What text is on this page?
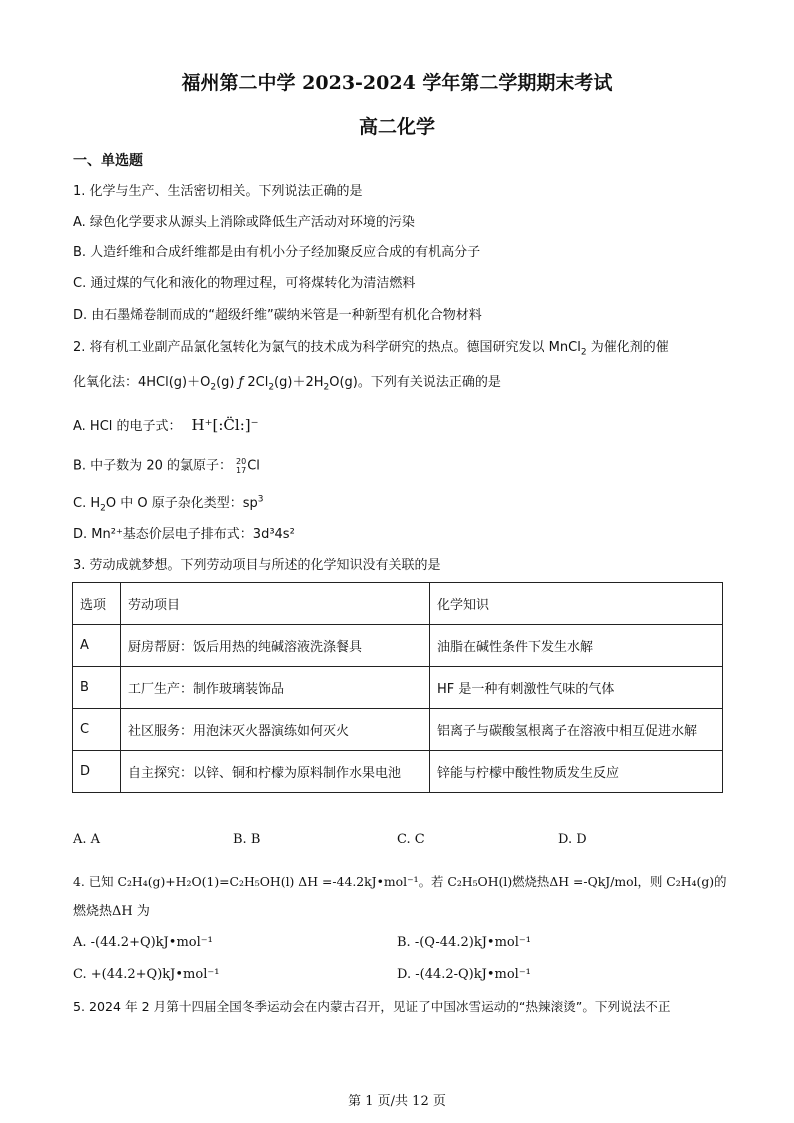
福州第二中学 2023-2024 学年第二学期期末考试
高二化学
一、单选题
1. 化学与生产、生活密切相关。下列说法正确的是
A. 绿色化学要求从源头上消除或降低生产活动对环境的污染
B. 人造纤维和合成纤维都是由有机小分子经加聚反应合成的有机高分子
C. 通过煤的气化和液化的物理过程，可将煤转化为清洁燃料
D. 由石墨烯卷制而成的“超级纤维”碳纳米管是一种新型有机化合物材料
2. 将有机工业副产品氯化氢转化为氯气的技术成为科学研究的热点。德国研究发以 MnCl$_2$ 为催化剂的催
化氧化法：$4HCl(g)+O_2(g)$ ƒ $2Cl_2(g)+2H_2O(g)$。下列有关说法正确的是
A. HCl 的电子式： H⁺[:C̈l:]⁻
B. 中子数为 20 的氯原子： 20
17Cl
C. $H_2O$ 中 O 原子杂化类型：$sp^3$
D. Mn²⁺基态价层电子排布式：3d³4s²
3. 劳动成就梦想。下列劳动项目与所述的化学知识没有关联的是
选项	劳动项目	化学知识
A	厨房帮厨：饭后用热的纯碱溶液洗涤餐具	油脂在碱性条件下发生水解
B	工厂生产：制作玻璃装饰品	HF 是一种有刺激性气味的气体
C	社区服务：用泡沫灭火器演练如何灭火	铝离子与碳酸氢根离子在溶液中相互促进水解
D	自主探究：以锌、铜和柠檬为原料制作水果电池	锌能与柠檬中酸性物质发生反应
A. A	B. B	C. C	D. D
4. 已知 C₂H₄(g)+H₂O(1)=C₂H₅OH(l) ΔH =-44.2kJ•mol⁻¹。若 C₂H₅OH(l)燃烧热ΔH =-QkJ/mol，则 C₂H₄(g)的
燃烧热ΔH 为
A. -(44.2+Q)kJ•mol⁻¹	B. -(Q-44.2)kJ•mol⁻¹
C. +(44.2+Q)kJ•mol⁻¹	D. -(44.2-Q)kJ•mol⁻¹
5. 2024 年 2 月第十四届全国冬季运动会在内蒙古召开，见证了中国冰雪运动的“热辣滚烫”。下列说法不正
第 1 页/共 12 页
